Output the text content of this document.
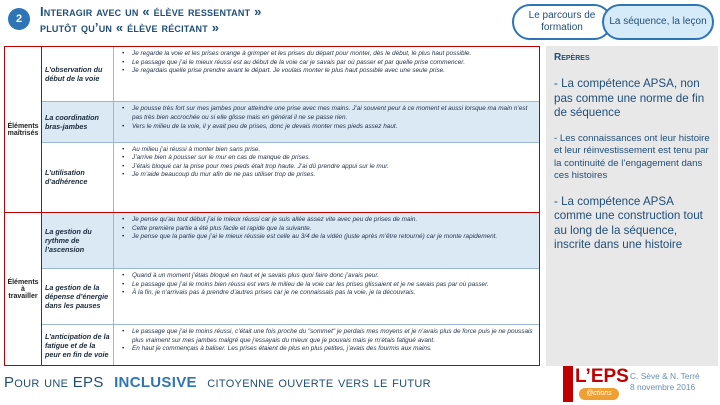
2	Interagir avec un « élève ressentant »
plutôt qu’un « élève récitant »
Le parcours de formation
La séquence, la leçon
Éléments maîtrisés
L’observation du début de la voie
• Je regarde la voie et les prises orange à grimper et les prises du départ pour monter, dès le début, le plus haut possible.
• Le passage que j’ai le mieux réussi est au début de la voie car je savais par où passer et par quelle prise commencer.
• Je regardais quelle prise prendre avant le départ. Je voulais monter le plus haut possible avec une seule prise.
La coordination bras-jambes
• Je pousse très fort sur mes jambes pour atteindre une prise avec mes mains. J’ai souvent peur à ce moment et aussi lorsque ma main n’est pas très bien accrochée ou si elle glisse mais en général il ne se passe rien.
• Vers le milieu de la voie, il y avait peu de prises, donc je devais monter mes pieds assez haut.
L’utilisation d’adhérence
• Au milieu j’ai réussi à monter bien sans prise.
• J’arrive bien à pousser sur le mur en cas de manque de prises.
• J’étais bloqué car la prise pour mes pieds était trop haute. J’ai dû prendre appui sur le mur.
• Je m’aide beaucoup du mur afin de ne pas utiliser trop de prises.
Éléments à travailler
La gestion du rythme de l’ascension
• Je pense qu’au tout début j’ai le mieux réussi car je suis allée assez vite avec peu de prises de main.
• Cette première partie a été plus facile et rapide que la suivante.
• Je pense que la partie que j’ai le mieux réussie est celle au 3/4 de la vidéo (juste après m’être retourné) car je monte rapidement.
La gestion de la dépense d’énergie dans les pauses
• Quand à un moment j’étais bloqué en haut et je savais plus quoi faire donc j’avais peur.
• Le passage que j’ai le moins bien réussi est vers le milieu de la voie car les prises glissaient et je ne savais pas par où passer.
• À la fin, je n’arrivais pas à prendre d’autres prises car je ne connaissais pas la voie, je la découvrais.
L’anticipation de la fatigue et de la peur en fin de voie
• Le passage que j’ai le moins réussi, c’était une fois proche du "sommet" je perdais mes moyens et je n’avais plus de force puis je ne poussais plus vraiment sur mes jambes malgré que j’essayais du mieux que je pouvais mais je m’étais fatigué avant.
• En haut je commençais à baliser. Les prises étaient de plus en plus petites, j’avais des fourmis aux mains.
Repères
- La compétence APSA, non pas comme une norme de fin de séquence
- Les connaissances ont leur histoire et leur réinvestissement est tenu par la continuité de l’engagement dans ces histoires
- La compétence APSA comme une construction tout au long de la séquence, inscrite dans une histoire
Pour une EPS INCLUSIVE citoyenne ouverte vers le futur	L’EPS
@ctions
C. Sève & N. Terré
8 novembre 2016
